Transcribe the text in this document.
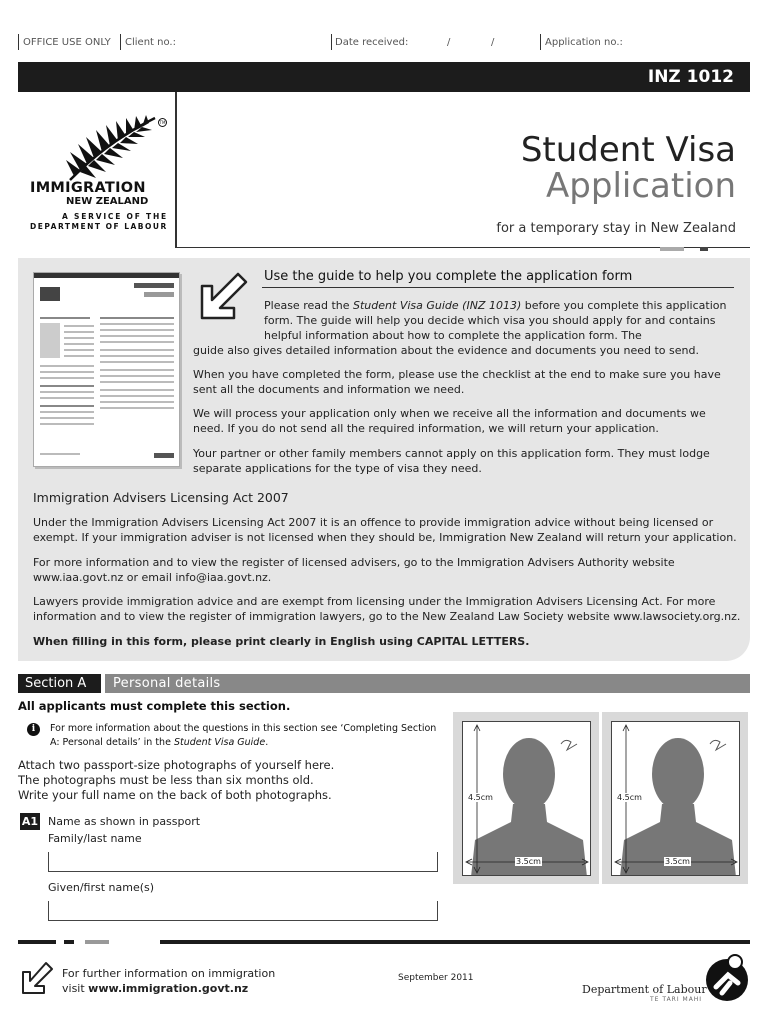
OFFICE USE ONLY Client no.:	Date received:	/	/	Application no.:
INZ 1012
TM
IMMIGRATION
NEW ZEALAND
A SERVICE OF THE
DEPARTMENT OF LABOUR
Student Visa
Application
for a temporary stay in New Zealand
Use the guide to help you complete the application form
Please read the Student Visa Guide (INZ 1013) before you complete this application form. The guide will help you decide which visa you should apply for and contains helpful information about how to complete the application form. The
guide also gives detailed information about the evidence and documents you need to send.
When you have completed the form, please use the checklist at the end to make sure you have sent all the documents and information we need.
We will process your application only when we receive all the information and documents we need. If you do not send all the required information, we will return your application.
Your partner or other family members cannot apply on this application form. They must lodge separate applications for the type of visa they need.
Immigration Advisers Licensing Act 2007
Under the Immigration Advisers Licensing Act 2007 it is an offence to provide immigration advice without being licensed or exempt. If your immigration adviser is not licensed when they should be, Immigration New Zealand will return your application.
For more information and to view the register of licensed advisers, go to the Immigration Advisers Authority website www.iaa.govt.nz or email info@iaa.govt.nz.
Lawyers provide immigration advice and are exempt from licensing under the Immigration Advisers Licensing Act. For more information and to view the register of immigration lawyers, go to the New Zealand Law Society website www.lawsociety.org.nz.
When filling in this form, please print clearly in English using CAPITAL LETTERS.
Section A	Personal details
All applicants must complete this section.
i	For more information about the questions in this section see ‘Completing Section A: Personal details’ in the Student Visa Guide.
Attach two passport-size photographs of yourself here.
The photographs must be less than six months old.
Write your full name on the back of both photographs.
A1 Name as shown in passport
Family/last name
Given/first name(s)
4.5cm
3.5cm
4.5cm
3.5cm
For further information on immigration
visit www.immigration.govt.nz
September 2011
Department of Labour
TE TARI MAHI
